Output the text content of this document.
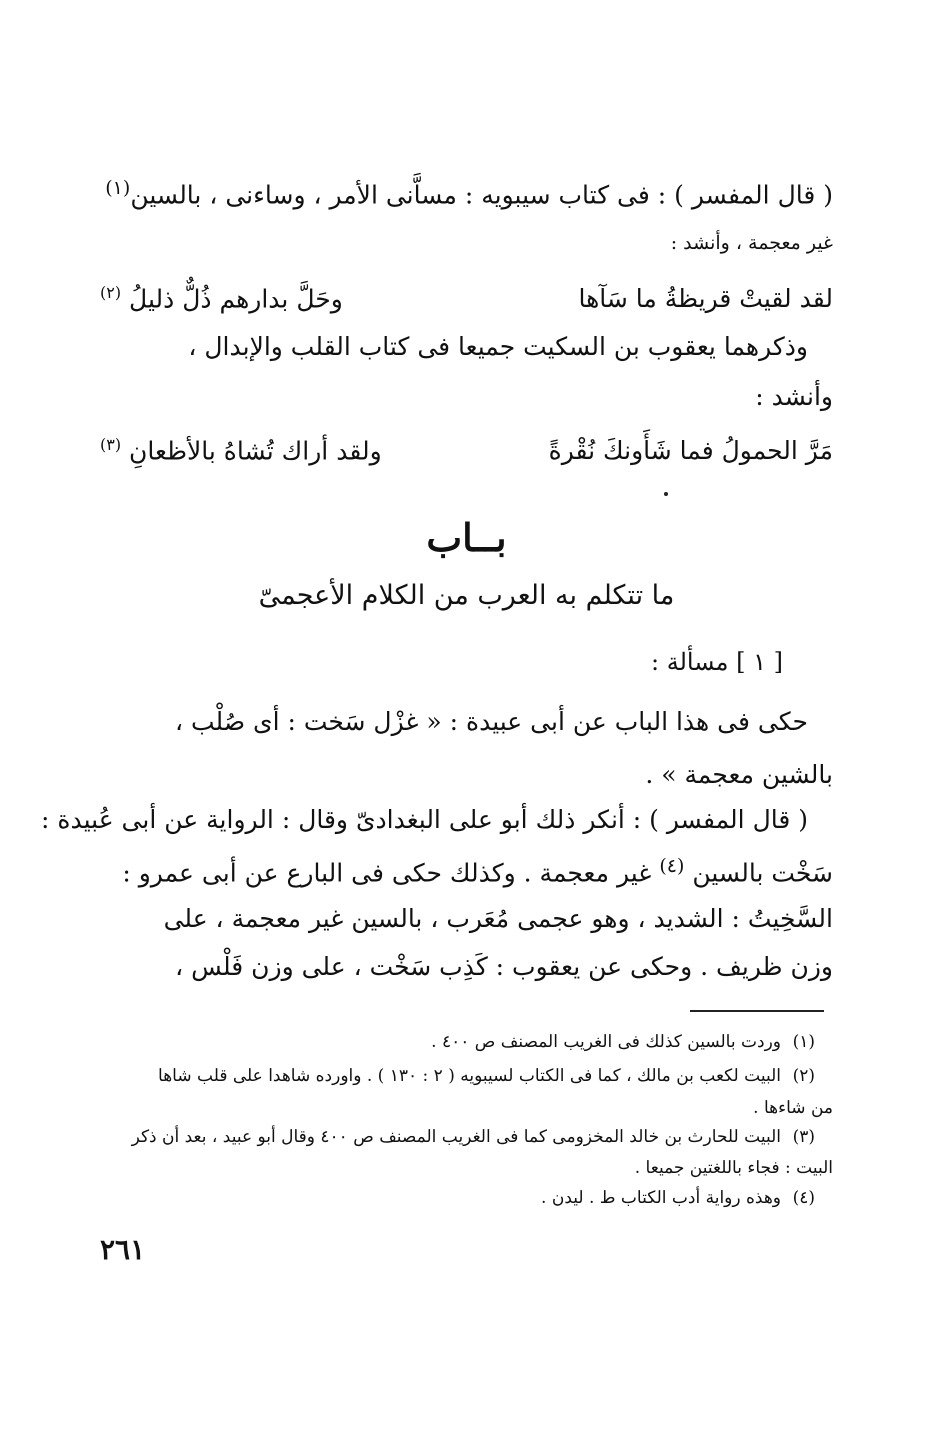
( قال المفسر ) : فى كتاب سيبويه : مساَّنى الأمر ، وساءنى ، بالسين$^{(١)}$
غير معجمة ، وأنشد :
لقد لقيتْ قريظةُ ما سَآها
وحَلَّ بدارهم ذُلٌّ ذليلُ $^{(٢)}$
وذكرهما يعقوب بن السكيت جميعا فى كتاب القلب والإبدال ،
وأنشد :
مَرَّ الحمولُ فما شَأَونكَ نُقْرةً
ولقد أراك تُشاهُ بالأظعانِ $^{(٣)}$
بــاب
ما تتكلم به العرب من الكلام الأعجمىّ
[ ١ ] مسألة :
حكى فى هذا الباب عن أبى عبيدة : « غزْل سَخت : أى صُلْب ،
بالشين معجمة » .
( قال المفسر ) : أنكر ذلك أبو على البغدادىّ وقال : الرواية عن أبى عُبيدة :
سَخْت بالسين $^{(٤)}$ غير معجمة . وكذلك حكى فى البارع عن أبى عمرو :
السَّخِيتُ : الشديد ، وهو عجمى مُعَرب ، بالسين غير معجمة ، على
وزن ظريف . وحكى عن يعقوب : كَذِب سَخْت ، على وزن فَلْس ،
(١)وردت بالسين كذلك فى الغريب المصنف ص ٤٠٠ .
(٢)البيت لكعب بن مالك ، كما فى الكتاب لسيبويه ( ٢ : ١٣٠ ) . واورده شاهدا على قلب شاها
من شاءها .
(٣)البيت للحارث بن خالد المخزومى كما فى الغريب المصنف ص ٤٠٠ وقال أبو عبيد ، بعد أن ذكر
البيت : فجاء باللغتين جميعا .
(٤)وهذه رواية أدب الكتاب ط . ليدن .
٢٦١
